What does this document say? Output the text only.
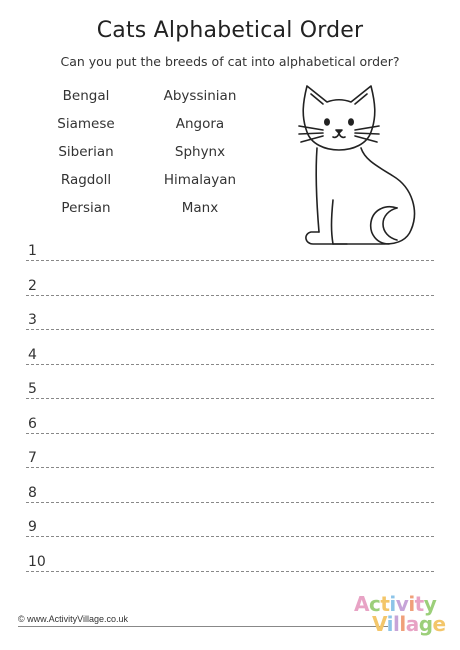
Cats Alphabetical Order
Can you put the breeds of cat into alphabetical order?
Bengal
Siamese
Siberian
Ragdoll
Persian
Abyssinian
Angora
Sphynx
Himalayan
Manx
1
2
3
4
5
6
7
8
9
10
© www.ActivityVillage.co.uk
Activity
Village
